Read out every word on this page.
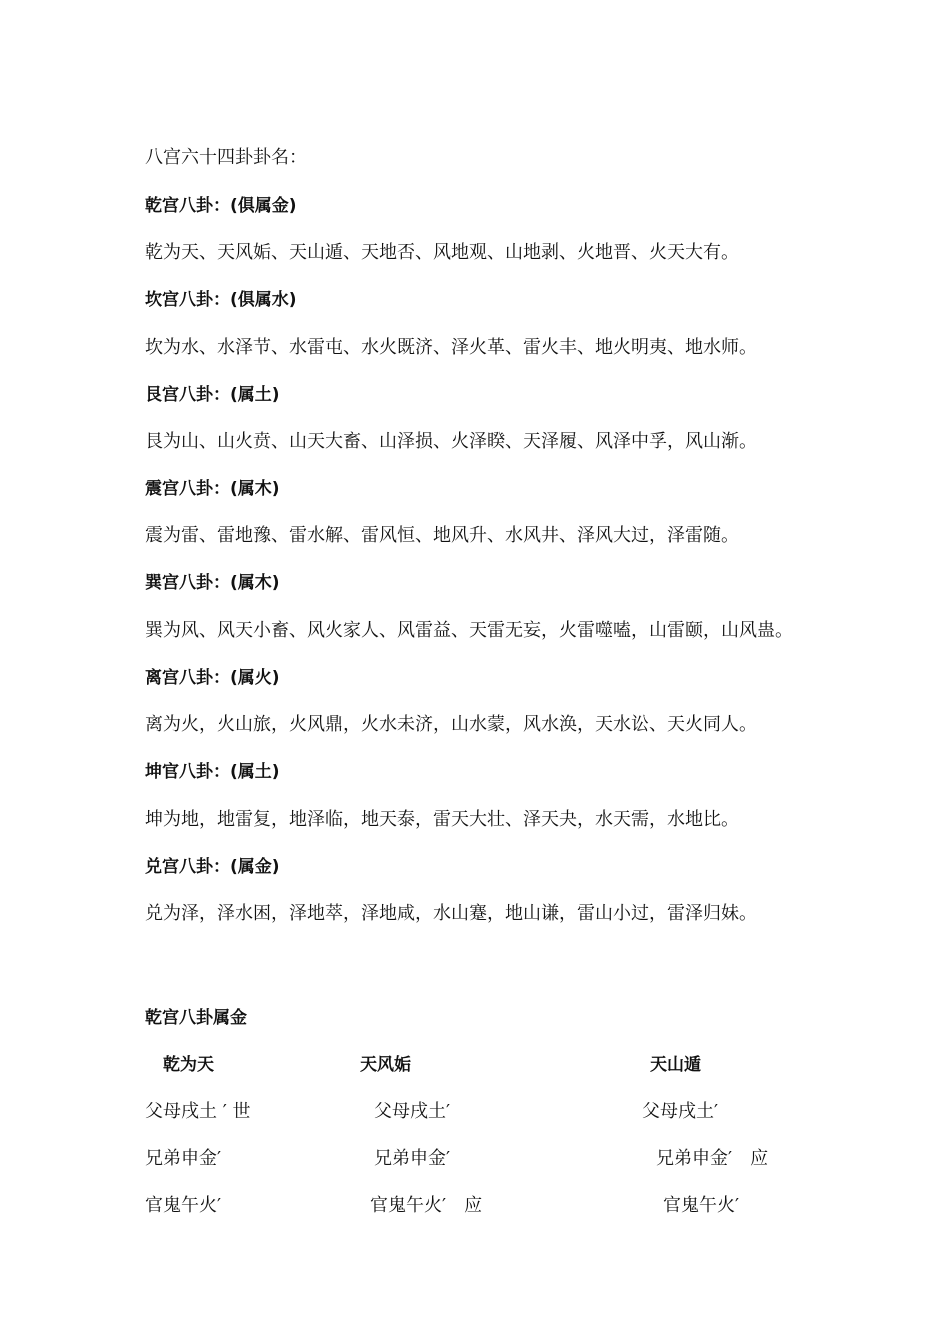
八宫六十四卦卦名：
乾宫八卦：(俱属金)
乾为天、天风姤、天山遁、天地否、风地观、山地剥、火地晋、火天大有。
坎宫八卦：(俱属水)
坎为水、水泽节、水雷屯、水火既济、泽火革、雷火丰、地火明夷、地水师。
艮宫八卦：(属土)
艮为山、山火贲、山天大畜、山泽损、火泽睽、天泽履、风泽中孚，风山渐。
震宫八卦：(属木)
震为雷、雷地豫、雷水解、雷风恒、地风升、水风井、泽风大过，泽雷随。
巽宫八卦：(属木)
巽为风、风天小畜、风火家人、风雷益、天雷无妄，火雷噬嗑，山雷颐，山风蛊。
离宫八卦：(属火)
离为火，火山旅，火风鼎，火水未济，山水蒙，风水涣，天水讼、天火同人。
坤官八卦：(属土)
坤为地，地雷复，地泽临，地天泰，雷天大壮、泽天夬，水天需，水地比。
兑宫八卦：(属金)
兑为泽，泽水困，泽地萃，泽地咸，水山蹇，地山谦，雷山小过，雷泽归妹。
乾宫八卦属金
乾为天	天风姤	天山遁
父母戌土 ′ 世	父母戌土′	父母戌土′
兄弟申金′	兄弟申金′	兄弟申金′　应
官鬼午火′	官鬼午火′　应	官鬼午火′
